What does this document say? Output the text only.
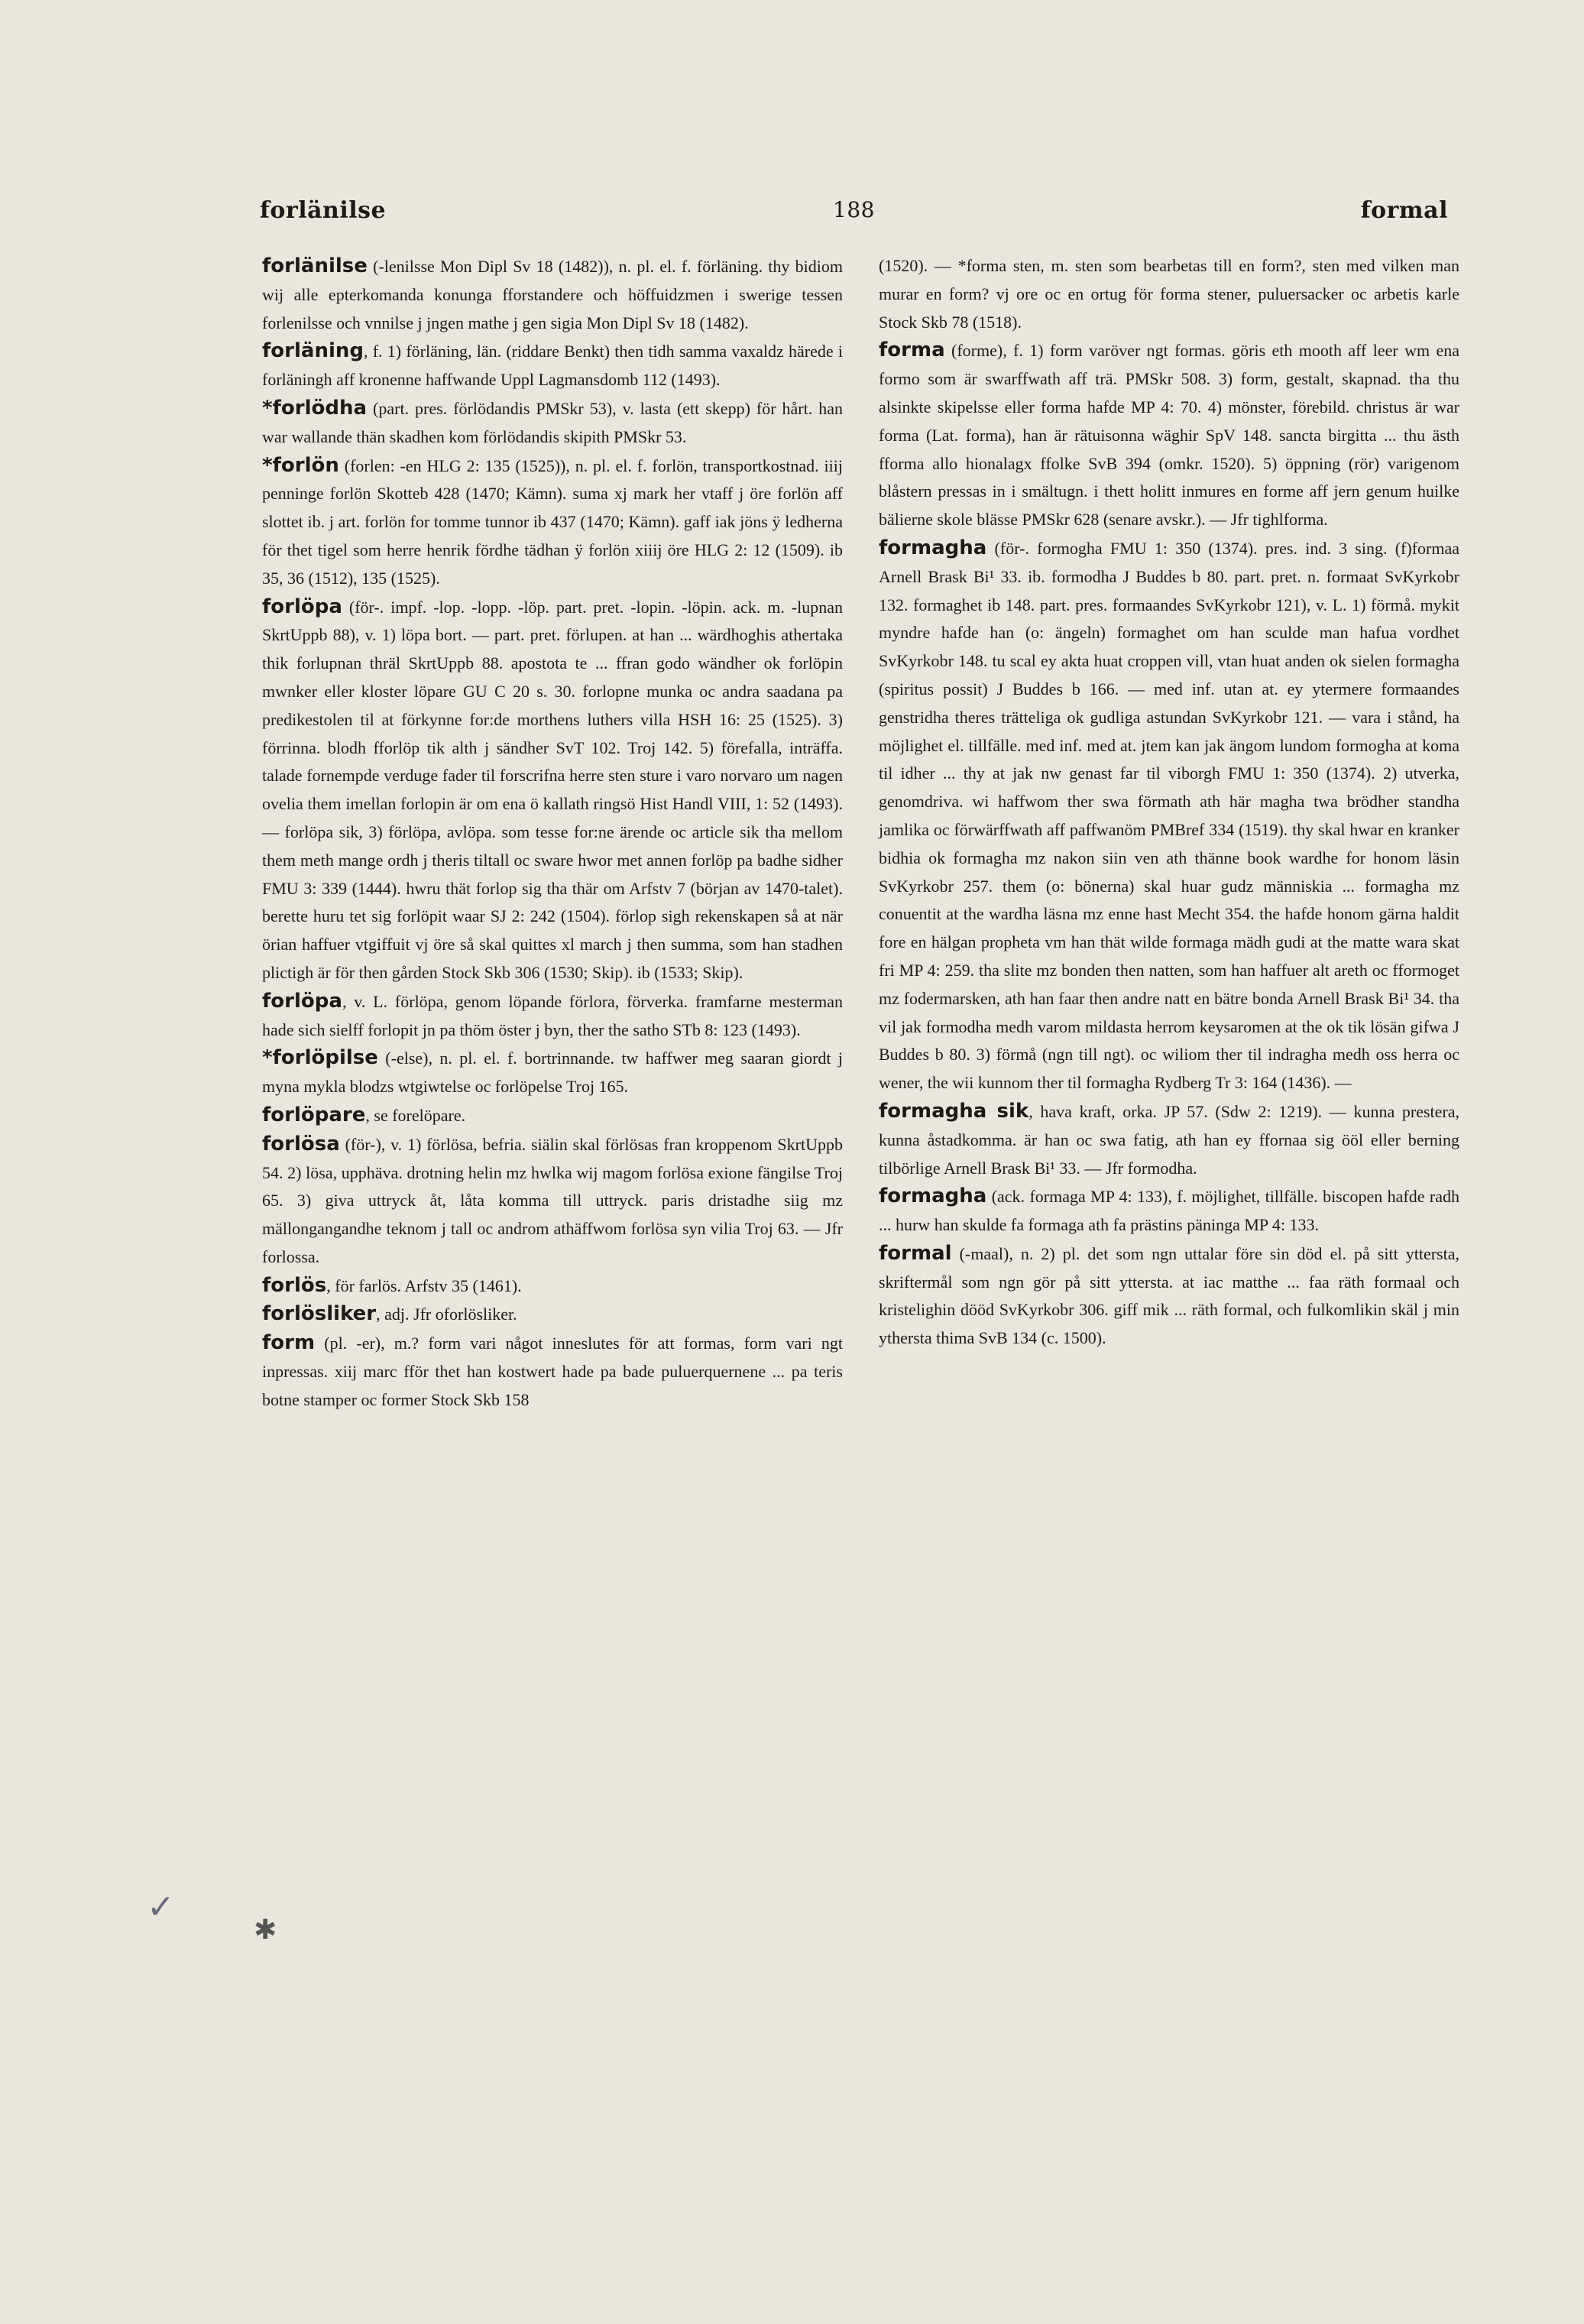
forlänilse	188	formal

forlänilse (-lenilsse Mon Dipl Sv 18 (1482)), n. pl. el. f. förläning. thy bidiom wij alle epterkomanda konunga fforstandere och höffuidzmen i swerige tessen forlenilsse och vnnilse j jngen mathe j gen sigia Mon Dipl Sv 18 (1482).

forläning, f. 1) förläning, län. (riddare Benkt) then tidh samma vaxaldz härede i forläningh aff kronenne haffwande Uppl Lagmansdomb 112 (1493).

*forlödha (part. pres. förlödandis PMSkr 53), v. lasta (ett skepp) för hårt. han war wallande thän skadhen kom förlödandis skipith PMSkr 53.

*forlön (forlen: -en HLG 2: 135 (1525)), n. pl. el. f. forlön, transportkostnad. iiij penninge forlön Skotteb 428 (1470; Kämn). suma xj mark her vtaff j öre forlön aff slottet ib. j art. forlön for tomme tunnor ib 437 (1470; Kämn). gaff iak jöns ÿ ledherna för thet tigel som herre henrik fördhe tädhan ÿ forlön xiiij öre HLG 2: 12 (1509). ib 35, 36 (1512), 135 (1525).

forlöpa (för-. impf. -lop. -lopp. -löp. part. pret. -lopin. -löpin. ack. m. -lupnan SkrtUppb 88), v. 1) löpa bort. — part. pret. förlupen. at han ... wärdhoghis athertaka thik forlupnan thräl SkrtUppb 88. apostota te ... ffran godo wändher ok forlöpin mwnker eller kloster löpare GU C 20 s. 30. forlopne munka oc andra saadana pa predikestolen til at förkynne for:de morthens luthers villa HSH 16: 25 (1525). 3) förrinna. blodh fforlöp tik alth j sändher SvT 102. Troj 142. 5) förefalla, inträffa. talade fornempde verduge fader til forscrifna herre sten sture i varo norvaro um nagen ovelia them imellan forlopin är om ena ö kallath ringsö Hist Handl VIII, 1: 52 (1493). — forlöpa sik, 3) förlöpa, avlöpa. som tesse for:ne ärende oc article sik tha mellom them meth mange ordh j theris tiltall oc sware hwor met annen forlöp pa badhe sidher FMU 3: 339 (1444). hwru thät forlop sig tha thär om Arfstv 7 (början av 1470-talet). berette huru tet sig forlöpit waar SJ 2: 242 (1504). förlop sigh rekenskapen så at när örian haffuer vtgiffuit vj öre så skal quittes xl march j then summa, som han stadhen plictigh är för then gården Stock Skb 306 (1530; Skip). ib (1533; Skip).

forlöpa, v. L. förlöpa, genom löpande förlora, förverka. framfarne mesterman hade sich sielff forlopit jn pa thöm öster j byn, ther the satho STb 8: 123 (1493).

*forlöpilse (-else), n. pl. el. f. bortrinnande. tw haffwer meg saaran giordt j myna mykla blodzs wtgiwtelse oc forlöpelse Troj 165.

forlöpare, se forelöpare.

forlösa (för-), v. 1) förlösa, befria. siälin skal förlösas fran kroppenom SkrtUppb 54. 2) lösa, upphäva. drotning helin mz hwlka wij magom forlösa exione fängilse Troj 65. 3) giva uttryck åt, låta komma till uttryck. paris dristadhe siig mz mällongangandhe teknom j tall oc androm athäffwom forlösa syn vilia Troj 63. — Jfr forlossa.

forlös, för farlös. Arfstv 35 (1461).

forlösliker, adj. Jfr oforlösliker.

form (pl. -er), m.? form vari något inneslutes för att formas, form vari ngt inpressas. xiij marc fför thet han kostwert hade pa bade puluerquernene ... pa teris botne stamper oc former Stock Skb 158

(1520). — *forma sten, m. sten som bearbetas till en form?, sten med vilken man murar en form? vj ore oc en ortug för forma stener, puluersacker oc arbetis karle Stock Skb 78 (1518).

forma (forme), f. 1) form varöver ngt formas. göris eth mooth aff leer wm ena formo som är swarffwath aff trä. PMSkr 508. 3) form, gestalt, skapnad. tha thu alsinkte skipelsse eller forma hafde MP 4: 70. 4) mönster, förebild. christus är war forma (Lat. forma), han är rätuisonna wäghir SpV 148. sancta birgitta ... thu ästh fforma allo hionalagx ffolke SvB 394 (omkr. 1520). 5) öppning (rör) varigenom blåstern pressas in i smältugn. i thett holitt inmures en forme aff jern genum huilke bälierne skole blässe PMSkr 628 (senare avskr.). — Jfr tighlforma.

formagha (för-. formogha FMU 1: 350 (1374). pres. ind. 3 sing. (f)formaa Arnell Brask Bi¹ 33. ib. formodha J Buddes b 80. part. pret. n. formaat SvKyrkobr 132. formaghet ib 148. part. pres. formaandes SvKyrkobr 121), v. L. 1) förmå. mykit myndre hafde han (o: ängeln) formaghet om han sculde man hafua vordhet SvKyrkobr 148. tu scal ey akta huat croppen vill, vtan huat anden ok sielen formagha (spiritus possit) J Buddes b 166. — med inf. utan at. ey ytermere formaandes genstridha theres trätteliga ok gudliga astundan SvKyrkobr 121. — vara i stånd, ha möjlighet el. tillfälle. med inf. med at. jtem kan jak ängom lundom formogha at koma til idher ... thy at jak nw genast far til viborgh FMU 1: 350 (1374). 2) utverka, genomdriva. wi haffwom ther swa förmath ath här magha twa brödher standha jamlika oc förwärffwath aff paffwanöm PMBref 334 (1519). thy skal hwar en kranker bidhia ok formagha mz nakon siin ven ath thänne book wardhe for honom läsin SvKyrkobr 257. them (o: bönerna) skal huar gudz människia ... formagha mz conuentit at the wardha läsna mz enne hast Mecht 354. the hafde honom gärna haldit fore en hälgan propheta vm han thät wilde formaga mädh gudi at the matte wara skat fri MP 4: 259. tha slite mz bonden then natten, som han haffuer alt areth oc fformoget mz fodermarsken, ath han faar then andre natt en bätre bonda Arnell Brask Bi¹ 34. tha vil jak formodha medh varom mildasta herrom keysaromen at the ok tik lösän gifwa J Buddes b 80. 3) förmå (ngn till ngt). oc wiliom ther til indragha medh oss herra oc wener, the wii kunnom ther til formagha Rydberg Tr 3: 164 (1436). —

formagha sik, hava kraft, orka. JP 57. (Sdw 2: 1219). — kunna prestera, kunna åstadkomma. är han oc swa fatig, ath han ey ffornaa sig ööl eller berning tilbörlige Arnell Brask Bi¹ 33. — Jfr formodha.

formagha (ack. formaga MP 4: 133), f. möjlighet, tillfälle. biscopen hafde radh ... hurw han skulde fa formaga ath fa prästins päninga MP 4: 133.

formal (-maal), n. 2) pl. det som ngn uttalar före sin död el. på sitt yttersta, skriftermål som ngn gör på sitt yttersta. at iac matthe ... faa räth formaal och kristelighin dööd SvKyrkobr 306. giff mik ... räth formal, och fulkomlikin skäl j min ythersta thima SvB 134 (c. 1500).

✓
✱
